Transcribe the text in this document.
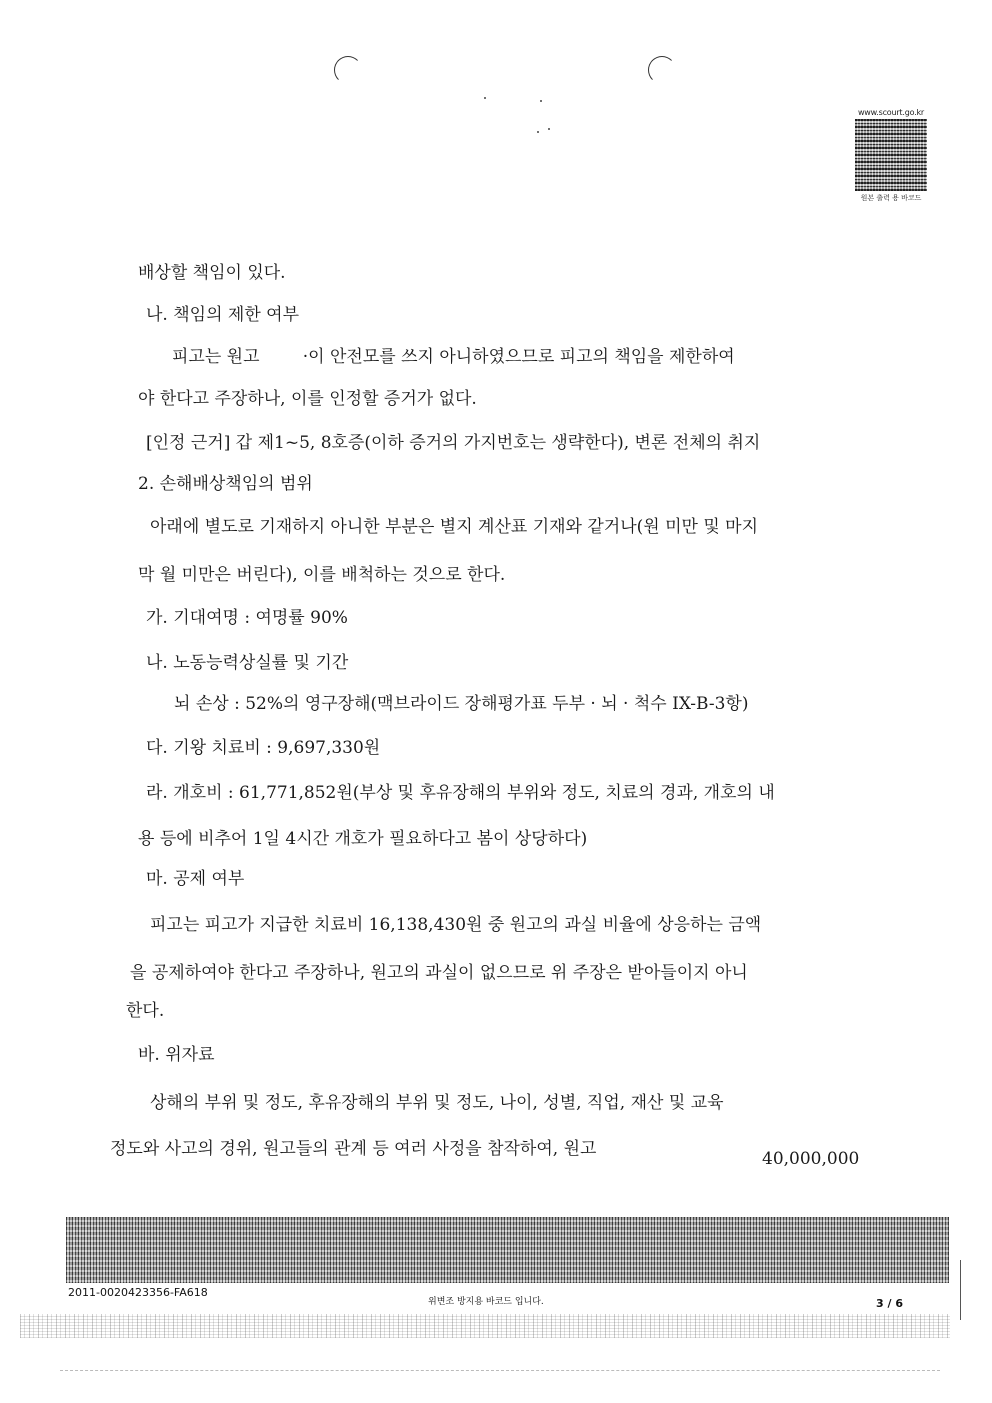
www.scourt.go.kr
원본 출력 용 바코드
배상할 책임이 있다.
나. 책임의 제한 여부
피고는 원고        ·이 안전모를 쓰지 아니하였으므로 피고의 책임을 제한하여
야 한다고 주장하나, 이를 인정할 증거가 없다.
[인정 근거] 갑 제1~5, 8호증(이하 증거의 가지번호는 생략한다), 변론 전체의 취지
2. 손해배상책임의 범위
아래에 별도로 기재하지 아니한 부분은 별지 계산표 기재와 같거나(원 미만 및 마지
막 월 미만은 버린다), 이를 배척하는 것으로 한다.
가. 기대여명 : 여명률 90%
나. 노동능력상실률 및 기간
뇌 손상 : 52%의 영구장해(맥브라이드 장해평가표 두부 · 뇌 · 척수 IX-B-3항)
다. 기왕 치료비 : 9,697,330원
라. 개호비 : 61,771,852원(부상 및 후유장해의 부위와 정도, 치료의 경과, 개호의 내
용 등에 비추어 1일 4시간 개호가 필요하다고 봄이 상당하다)
마. 공제 여부
피고는 피고가 지급한 치료비 16,138,430원 중 원고의 과실 비율에 상응하는 금액
을 공제하여야 한다고 주장하나, 원고의 과실이 없으므로 위 주장은 받아들이지 아니
한다.
바. 위자료
상해의 부위 및 정도, 후유장해의 부위 및 정도, 나이, 성별, 직업, 재산 및 교육
정도와 사고의 경위, 원고들의 관계 등 여러 사정을 참작하여, 원고	40,000,000
2011-0020423356-FA618
위변조 방지용 바코드 입니다.	3 / 6
